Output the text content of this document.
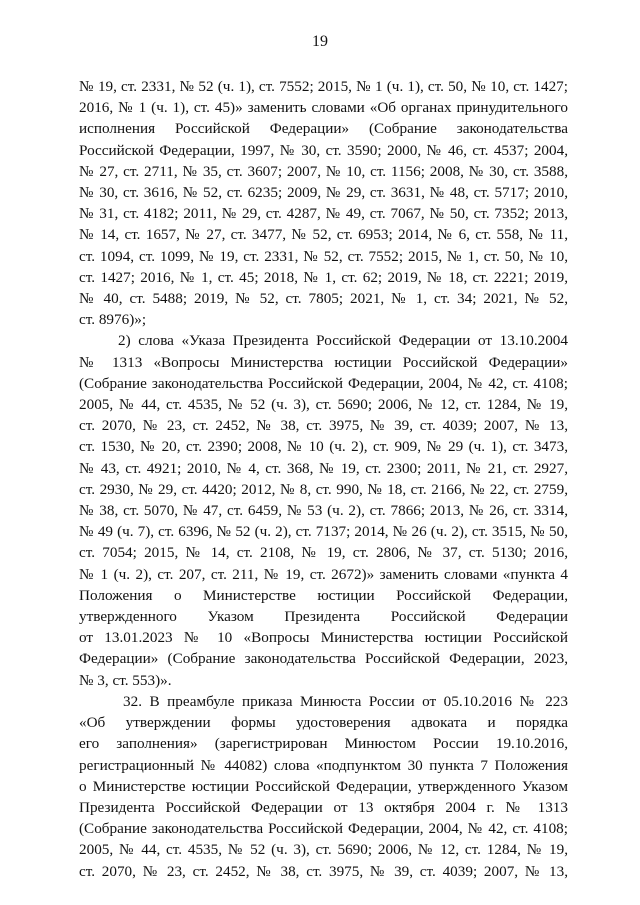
19
№ 19, ст. 2331, № 52 (ч. 1), ст. 7552; 2015, № 1 (ч. 1), ст. 50, № 10, ст. 1427;
2016, № 1 (ч. 1), ст. 45)» заменить словами «Об органах принудительного
исполнения Российской Федерации» (Собрание законодательства
Российской Федерации, 1997, № 30, ст. 3590; 2000, № 46, ст. 4537; 2004,
№ 27, ст. 2711, № 35, ст. 3607; 2007, № 10, ст. 1156; 2008, № 30, ст. 3588,
№ 30, ст. 3616, № 52, ст. 6235; 2009, № 29, ст. 3631, № 48, ст. 5717; 2010,
№ 31, ст. 4182; 2011, № 29, ст. 4287, № 49, ст. 7067, № 50, ст. 7352; 2013,
№ 14, ст. 1657, № 27, ст. 3477, № 52, ст. 6953; 2014, № 6, ст. 558, № 11,
ст. 1094, ст. 1099, № 19, ст. 2331, № 52, ст. 7552; 2015, № 1, ст. 50, № 10,
ст. 1427; 2016, № 1, ст. 45; 2018, № 1, ст. 62; 2019, № 18, ст. 2221; 2019,
№ 40, ст. 5488; 2019, № 52, ст. 7805; 2021, № 1, ст. 34; 2021, № 52,
ст. 8976)»;
2) слова «Указа Президента Российской Федерации от 13.10.2004
№ 1313 «Вопросы Министерства юстиции Российской Федерации»
(Собрание законодательства Российской Федерации, 2004, № 42, ст. 4108;
2005, № 44, ст. 4535, № 52 (ч. 3), ст. 5690; 2006, № 12, ст. 1284, № 19,
ст. 2070, № 23, ст. 2452, № 38, ст. 3975, № 39, ст. 4039; 2007, № 13,
ст. 1530, № 20, ст. 2390; 2008, № 10 (ч. 2), ст. 909, № 29 (ч. 1), ст. 3473,
№ 43, ст. 4921; 2010, № 4, ст. 368, № 19, ст. 2300; 2011, № 21, ст. 2927,
ст. 2930, № 29, ст. 4420; 2012, № 8, ст. 990, № 18, ст. 2166, № 22, ст. 2759,
№ 38, ст. 5070, № 47, ст. 6459, № 53 (ч. 2), ст. 7866; 2013, № 26, ст. 3314,
№ 49 (ч. 7), ст. 6396, № 52 (ч. 2), ст. 7137; 2014, № 26 (ч. 2), ст. 3515, № 50,
ст. 7054; 2015, № 14, ст. 2108, № 19, ст. 2806, № 37, ст. 5130; 2016,
№ 1 (ч. 2), ст. 207, ст. 211, № 19, ст. 2672)» заменить словами «пункта 4
Положения о Министерстве юстиции Российской Федерации,
утвержденного Указом Президента Российской Федерации
от 13.01.2023 № 10 «Вопросы Министерства юстиции Российской
Федерации» (Собрание законодательства Российской Федерации, 2023,
№ 3, ст. 553)».
32. В преамбуле приказа Минюста России от 05.10.2016 № 223
«Об утверждении формы удостоверения адвоката и порядка
его заполнения» (зарегистрирован Минюстом России 19.10.2016,
регистрационный № 44082) слова «подпунктом 30 пункта 7 Положения
о Министерстве юстиции Российской Федерации, утвержденного Указом
Президента Российской Федерации от 13 октября 2004 г. № 1313
(Собрание законодательства Российской Федерации, 2004, № 42, ст. 4108;
2005, № 44, ст. 4535, № 52 (ч. 3), ст. 5690; 2006, № 12, ст. 1284, № 19,
ст. 2070, № 23, ст. 2452, № 38, ст. 3975, № 39, ст. 4039; 2007, № 13,
